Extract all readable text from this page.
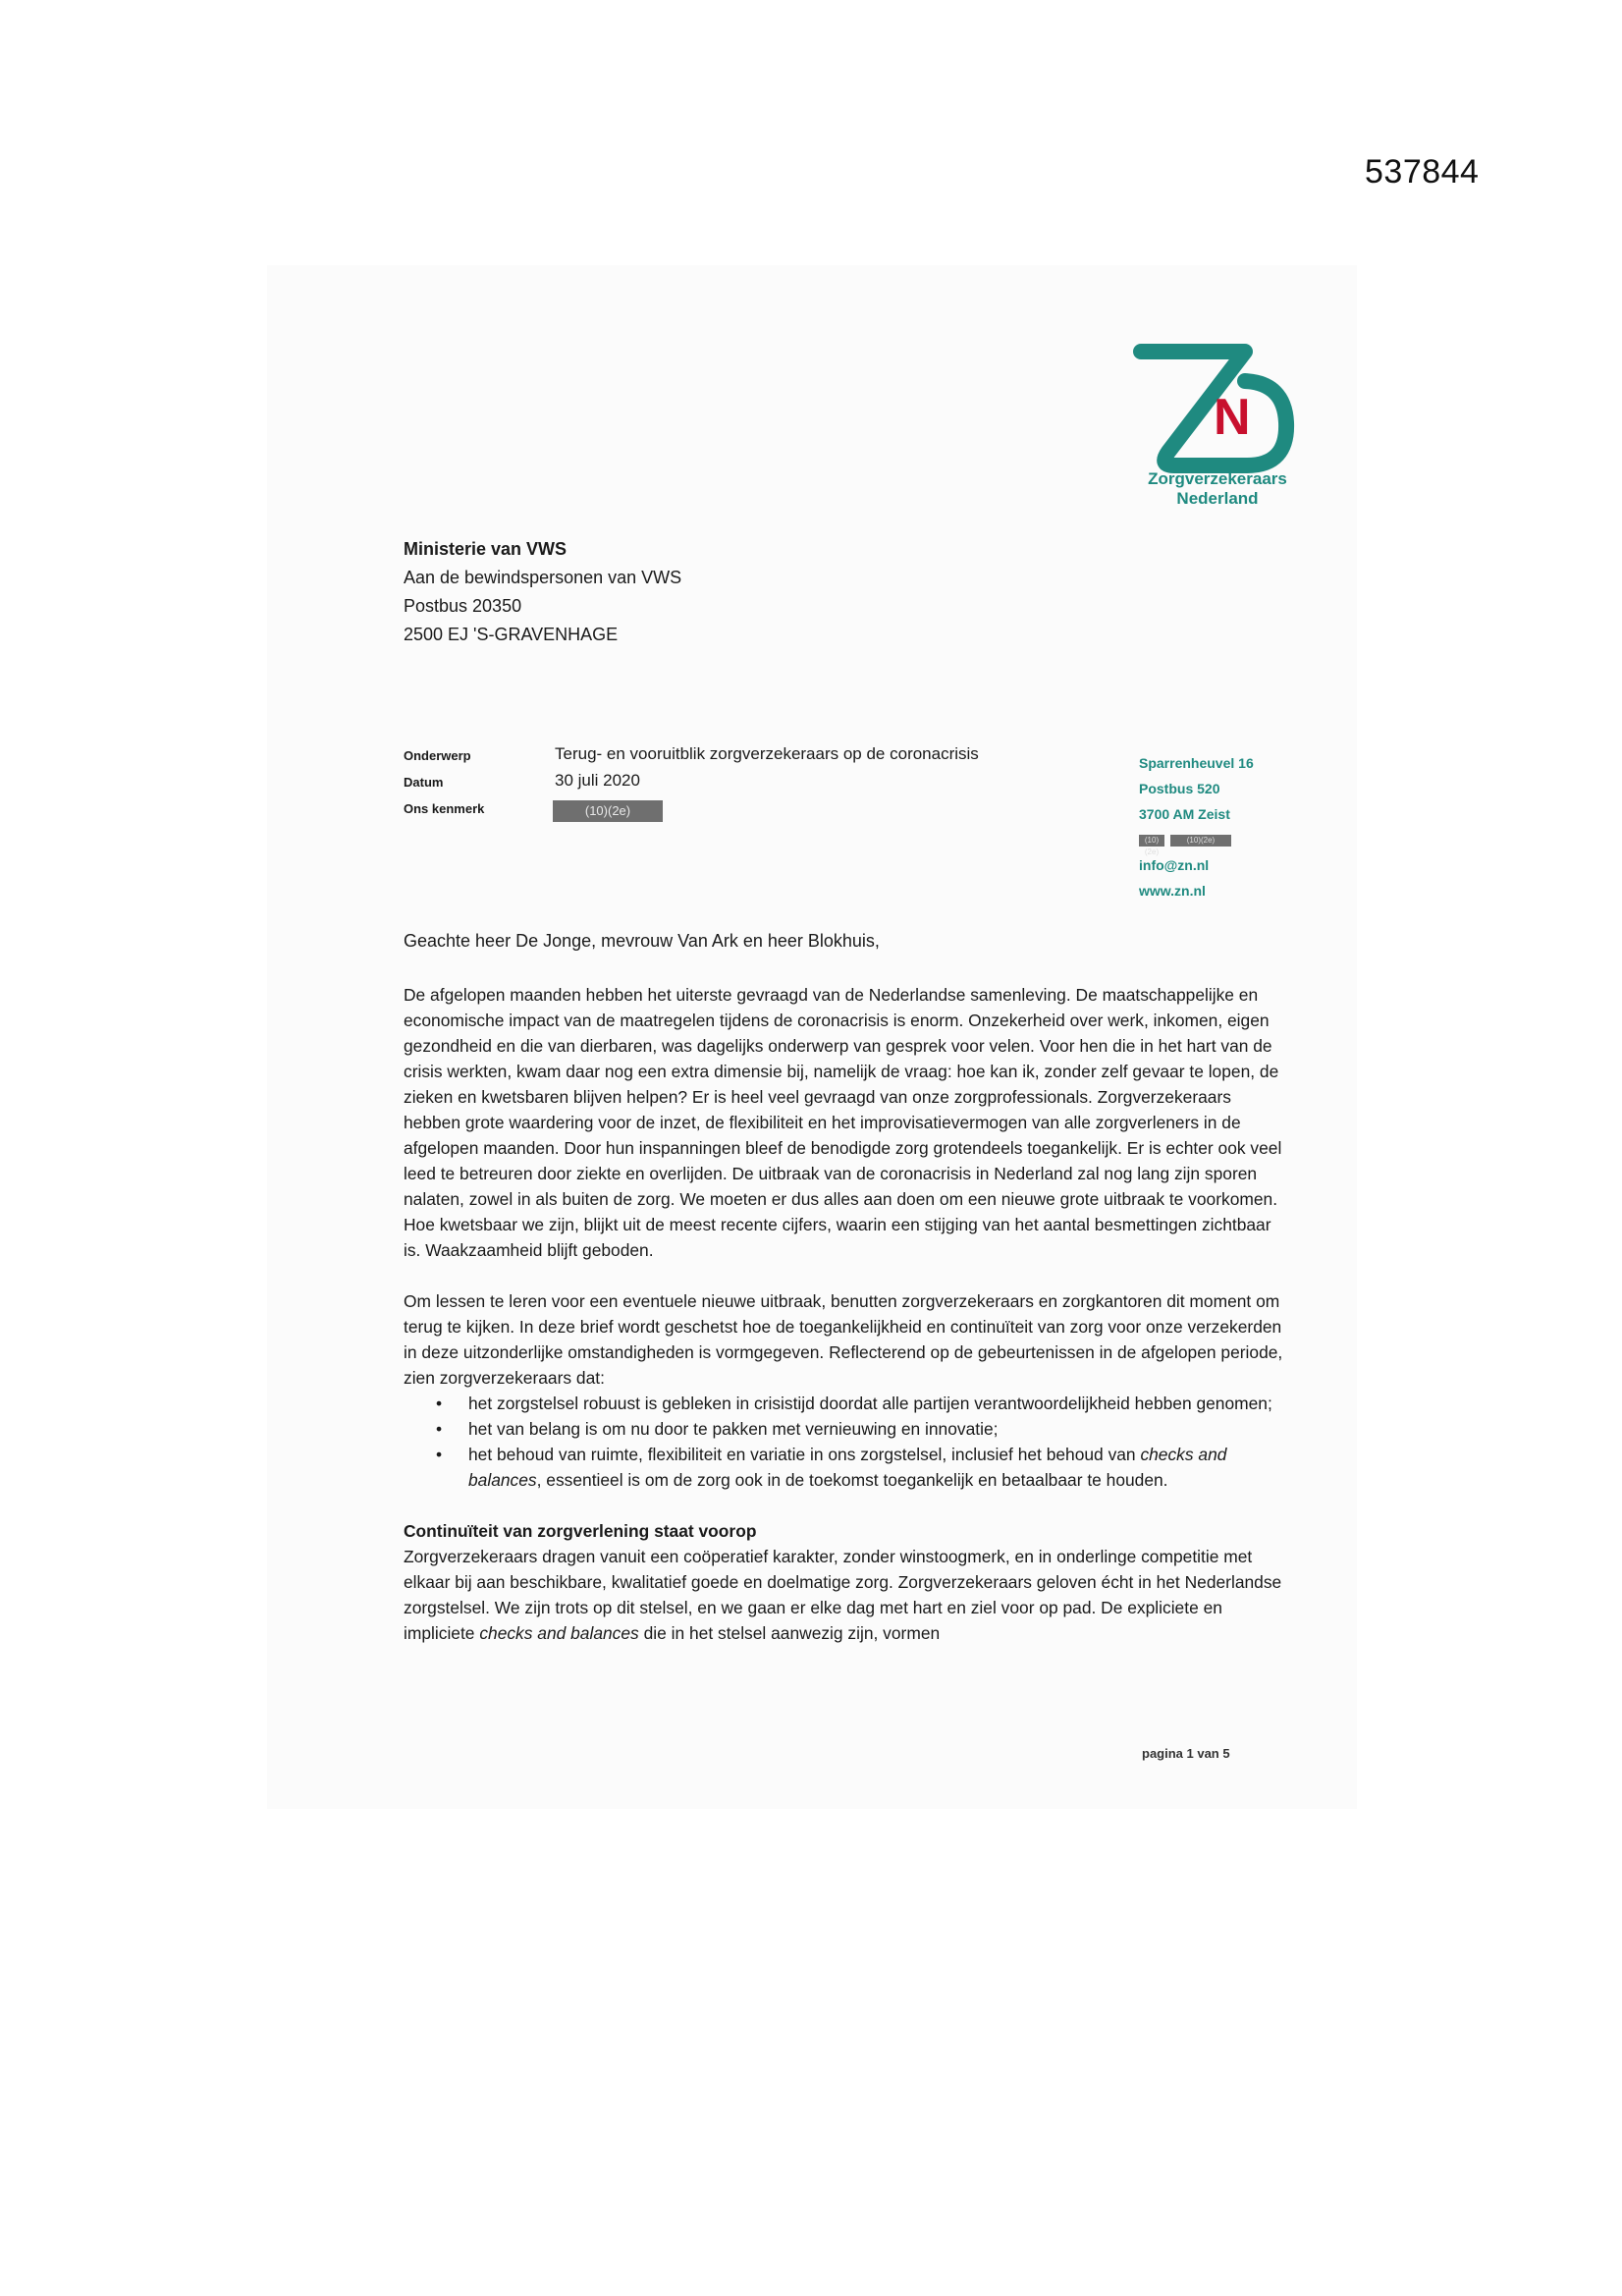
537844
N
Zorgverzekeraars
Nederland
Ministerie van VWS
Aan de bewindspersonen van VWS
Postbus 20350
2500 EJ 'S-GRAVENHAGE
Onderwerp	Terug- en vooruitblik zorgverzekeraars op de coronacrisis
Datum	30 juli 2020
Ons kenmerk	(10)(2e)
Sparrenheuvel 16
Postbus 520
3700 AM Zeist
(10)(2e)(10)(2e)
info@zn.nl
www.zn.nl
Geachte heer De Jonge, mevrouw Van Ark en heer Blokhuis,

De afgelopen maanden hebben het uiterste gevraagd van de Nederlandse samenleving. De maatschappelijke en economische impact van de maatregelen tijdens de coronacrisis is enorm. Onzekerheid over werk, inkomen, eigen gezondheid en die van dierbaren, was dagelijks onderwerp van gesprek voor velen. Voor hen die in het hart van de crisis werkten, kwam daar nog een extra dimensie bij, namelijk de vraag: hoe kan ik, zonder zelf gevaar te lopen, de zieken en kwetsbaren blijven helpen? Er is heel veel gevraagd van onze zorgprofessionals. Zorgverzekeraars hebben grote waardering voor de inzet, de flexibiliteit en het improvisatievermogen van alle zorgverleners in de afgelopen maanden. Door hun inspanningen bleef de benodigde zorg grotendeels toegankelijk. Er is echter ook veel leed te betreuren door ziekte en overlijden. De uitbraak van de coronacrisis in Nederland zal nog lang zijn sporen nalaten, zowel in als buiten de zorg. We moeten er dus alles aan doen om een nieuwe grote uitbraak te voorkomen. Hoe kwetsbaar we zijn, blijkt uit de meest recente cijfers, waarin een stijging van het aantal besmettingen zichtbaar is. Waakzaamheid blijft geboden.

Om lessen te leren voor een eventuele nieuwe uitbraak, benutten zorgverzekeraars en zorgkantoren dit moment om terug te kijken. In deze brief wordt geschetst hoe de toegankelijkheid en continuïteit van zorg voor onze verzekerden in deze uitzonderlijke omstandigheden is vormgegeven. Reflecterend op de gebeurtenissen in de afgelopen periode, zien zorgverzekeraars dat:

• het zorgstelsel robuust is gebleken in crisistijd doordat alle partijen verantwoordelijkheid hebben genomen;
• het van belang is om nu door te pakken met vernieuwing en innovatie;
• het behoud van ruimte, flexibiliteit en variatie in ons zorgstelsel, inclusief het behoud van checks and balances, essentieel is om de zorg ook in de toekomst toegankelijk en betaalbaar te houden.
Continuïteit van zorgverlening staat voorop

Zorgverzekeraars dragen vanuit een coöperatief karakter, zonder winstoogmerk, en in onderlinge competitie met elkaar bij aan beschikbare, kwalitatief goede en doelmatige zorg. Zorgverzekeraars geloven écht in het Nederlandse zorgstelsel. We zijn trots op dit stelsel, en we gaan er elke dag met hart en ziel voor op pad. De expliciete en impliciete checks and balances die in het stelsel aanwezig zijn, vormen

pagina 1 van 5
